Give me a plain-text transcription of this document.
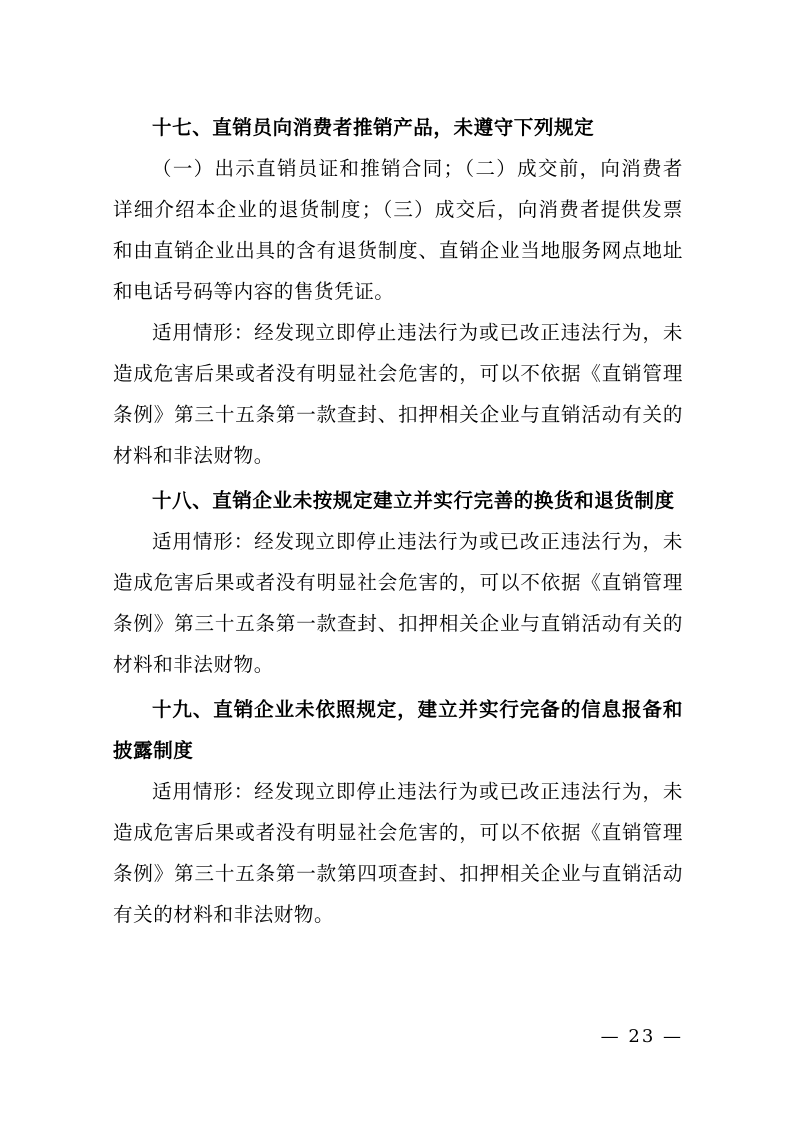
十七、直销员向消费者推销产品，未遵守下列规定

（一）出示直销员证和推销合同；（二）成交前，向消费者详细介绍本企业的退货制度；（三）成交后，向消费者提供发票和由直销企业出具的含有退货制度、直销企业当地服务网点地址和电话号码等内容的售货凭证。

适用情形：经发现立即停止违法行为或已改正违法行为，未造成危害后果或者没有明显社会危害的，可以不依据《直销管理条例》第三十五条第一款查封、扣押相关企业与直销活动有关的材料和非法财物。

十八、直销企业未按规定建立并实行完善的换货和退货制度

适用情形：经发现立即停止违法行为或已改正违法行为，未造成危害后果或者没有明显社会危害的，可以不依据《直销管理条例》第三十五条第一款查封、扣押相关企业与直销活动有关的材料和非法财物。

十九、直销企业未依照规定，建立并实行完备的信息报备和披露制度

适用情形：经发现立即停止违法行为或已改正违法行为，未造成危害后果或者没有明显社会危害的，可以不依据《直销管理条例》第三十五条第一款第四项查封、扣押相关企业与直销活动有关的材料和非法财物。

— 23 —
